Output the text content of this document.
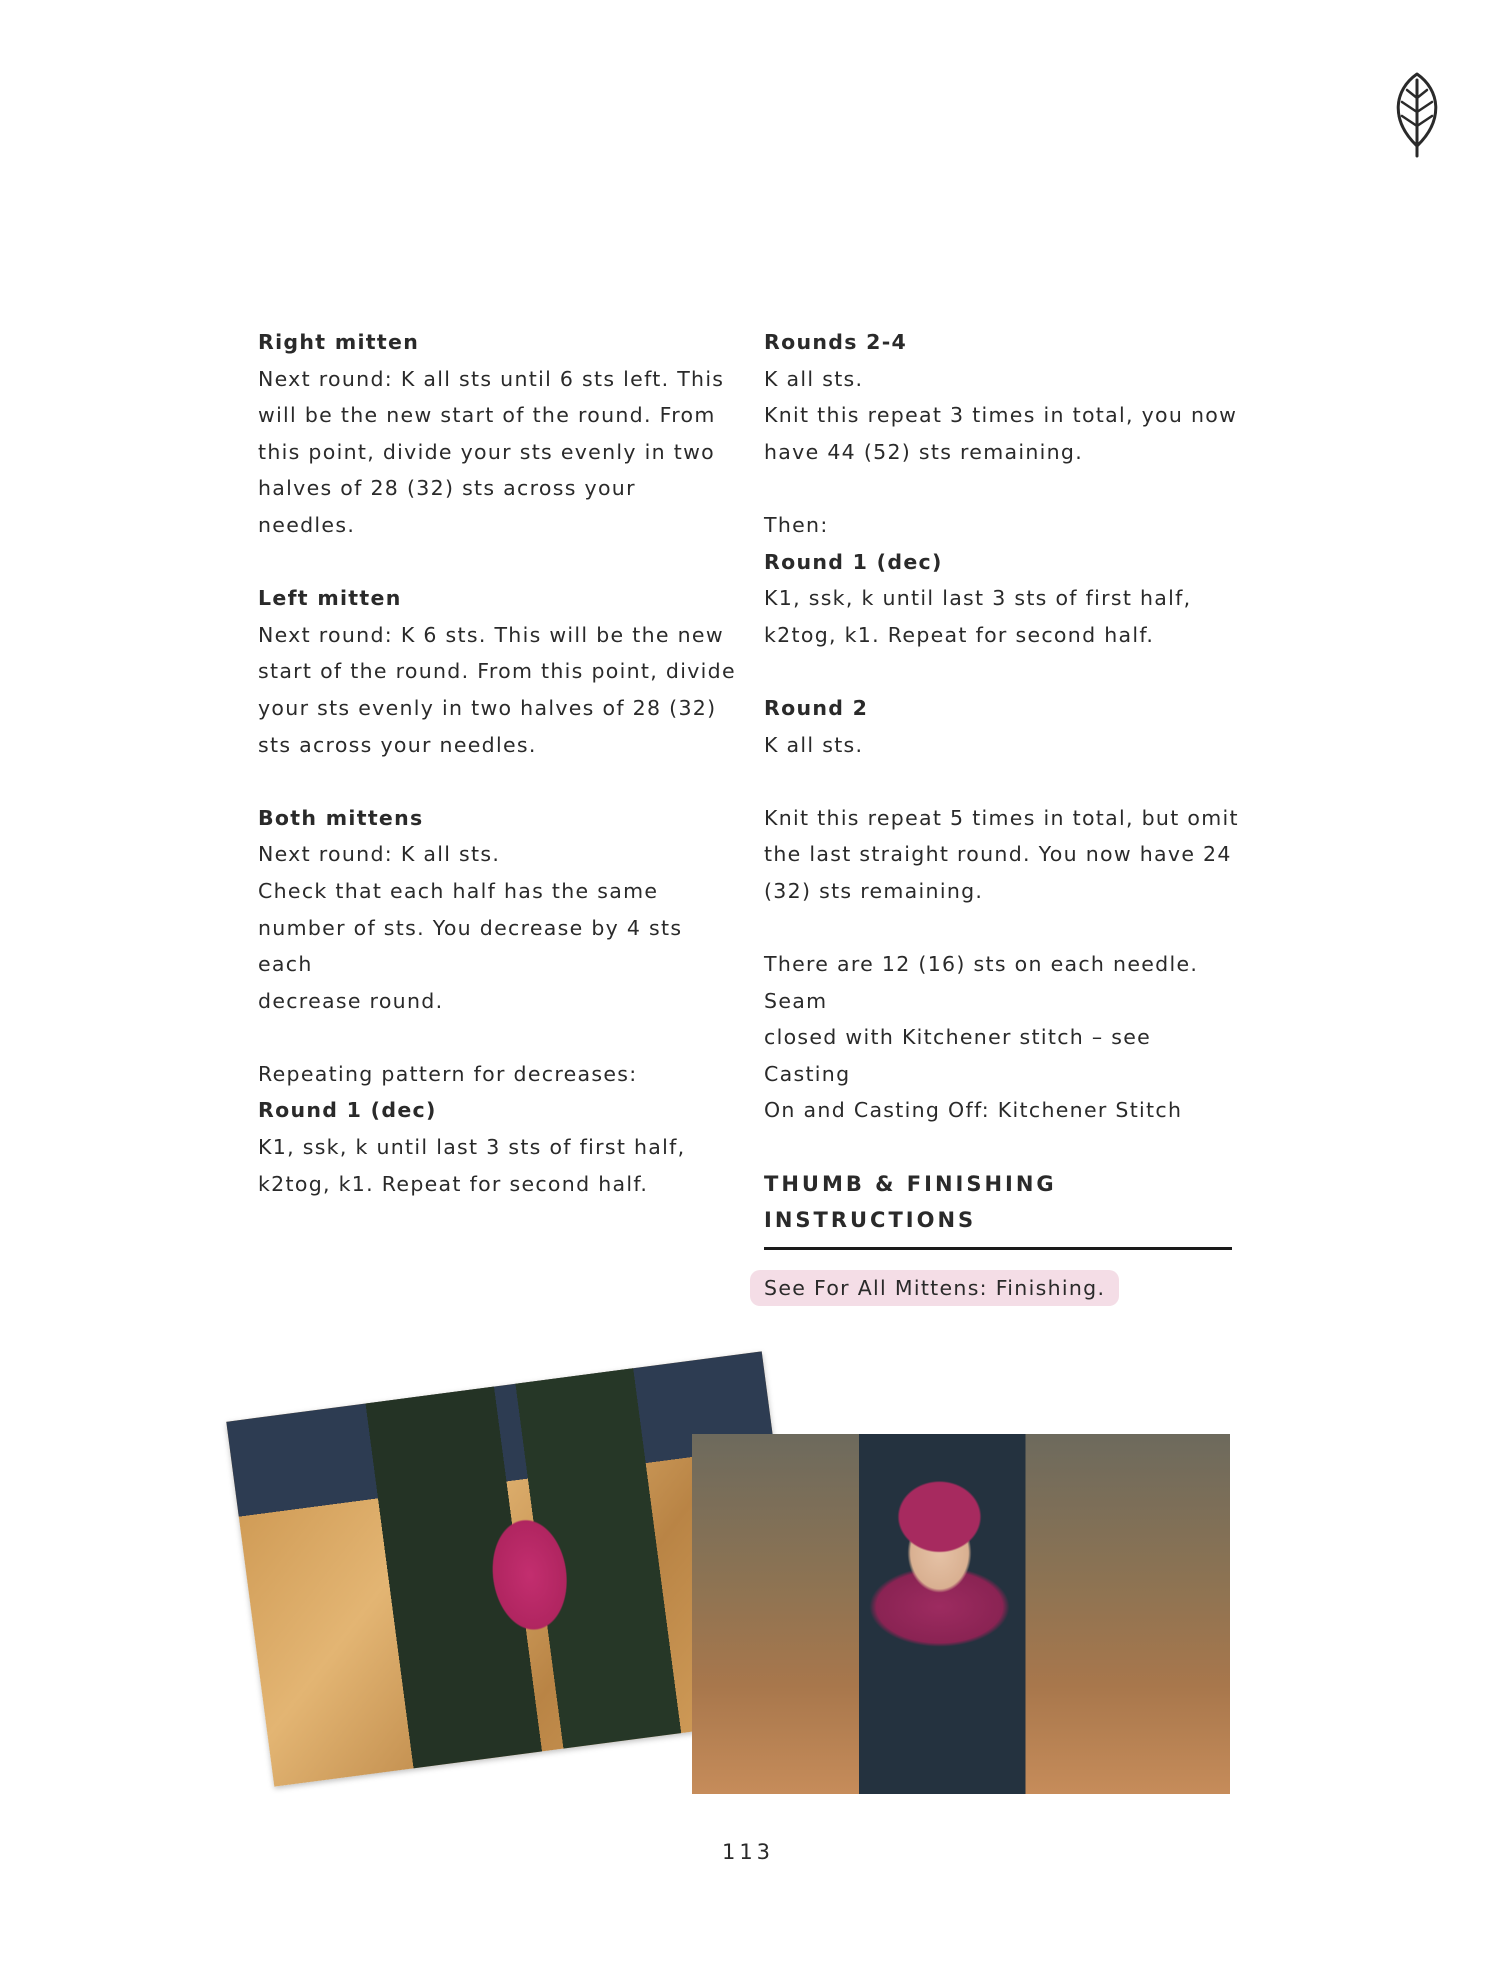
Right mitten

Next round: K all sts until 6 sts left. This

will be the new start of the round. From

this point, divide your sts evenly in two

halves of 28 (32) sts across your needles.

Left mitten

Next round: K 6 sts. This will be the new

start of the round. From this point, divide

your sts evenly in two halves of 28 (32)

sts across your needles.

Both mittens

Next round: K all sts.

Check that each half has the same

number of sts. You decrease by 4 sts each

decrease round.

Repeating pattern for decreases:

Round 1 (dec)

K1, ssk, k until last 3 sts of first half,

k2tog, k1. Repeat for second half.

Rounds 2-4

K all sts.

Knit this repeat 3 times in total, you now

have 44 (52) sts remaining.

Then:

Round 1 (dec)

K1, ssk, k until last 3 sts of first half,

k2tog, k1. Repeat for second half.

Round 2

K all sts.

Knit this repeat 5 times in total, but omit

the last straight round. You now have 24

(32) sts remaining.

There are 12 (16) sts on each needle. Seam

closed with Kitchener stitch – see Casting

On and Casting Off: Kitchener Stitch

THUMB & FINISHING
INSTRUCTIONS
See For All Mittens: Finishing.
113
